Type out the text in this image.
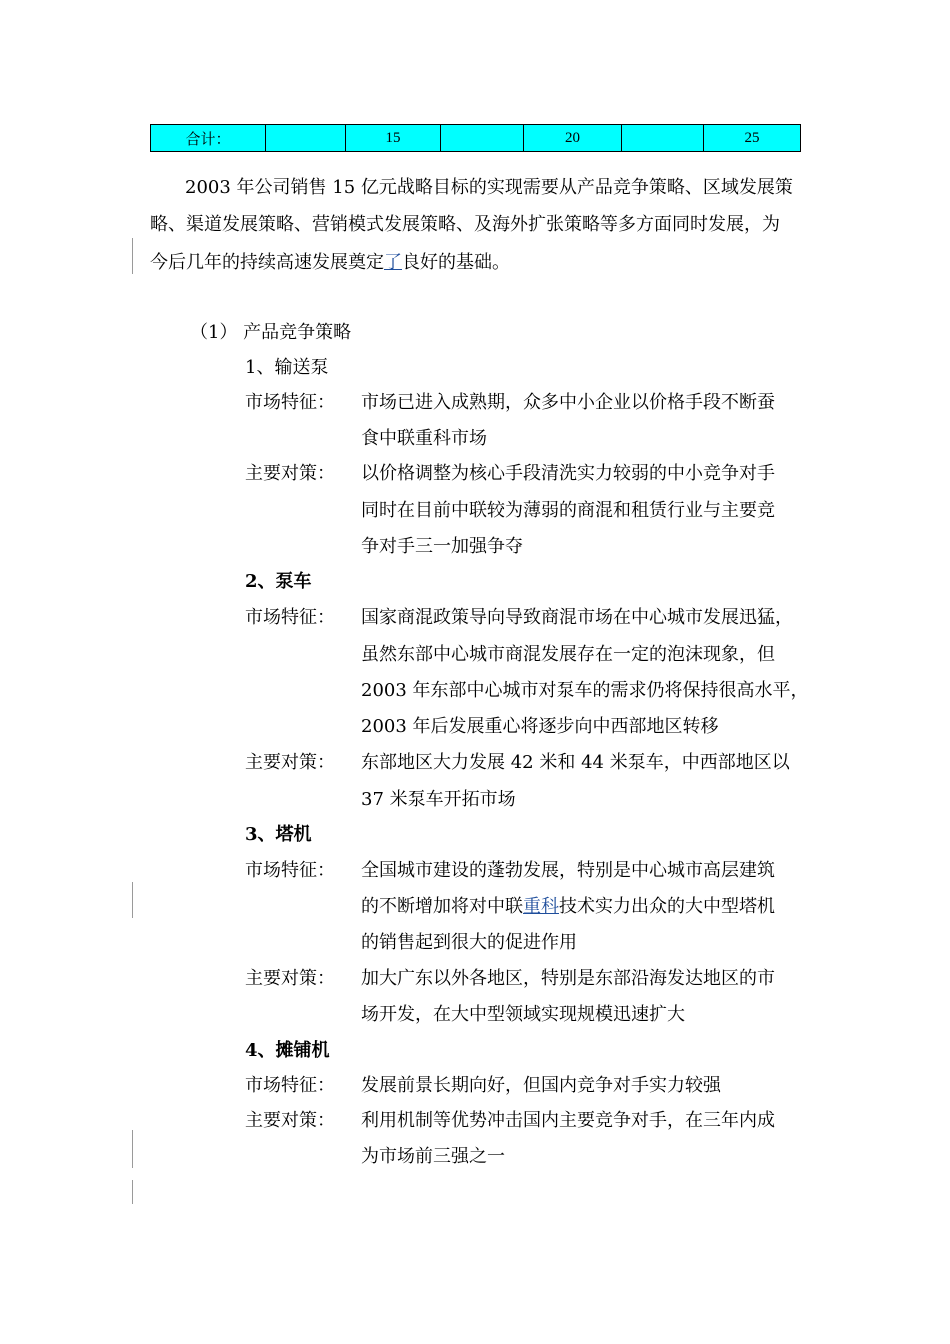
合计：		15		20		25
2003 年公司销售 15 亿元战略目标的实现需要从产品竞争策略、区域发展策
略、渠道发展策略、营销模式发展策略、及海外扩张策略等多方面同时发展，为
今后几年的持续高速发展奠定了良好的基础。
（1） 产品竞争策略
1、输送泵
市场特征： 市场已进入成熟期，众多中小企业以价格手段不断蚕
食中联重科市场
主要对策： 以价格调整为核心手段清洗实力较弱的中小竞争对手
同时在目前中联较为薄弱的商混和租赁行业与主要竞
争对手三一加强争夺
2、泵车
市场特征： 国家商混政策导向导致商混市场在中心城市发展迅猛，
虽然东部中心城市商混发展存在一定的泡沫现象，但
2003 年东部中心城市对泵车的需求仍将保持很高水平，
2003 年后发展重心将逐步向中西部地区转移
主要对策： 东部地区大力发展 42 米和 44 米泵车，中西部地区以
37 米泵车开拓市场
3、塔机
市场特征： 全国城市建设的蓬勃发展，特别是中心城市高层建筑
的不断增加将对中联重科技术实力出众的大中型塔机
的销售起到很大的促进作用
主要对策： 加大广东以外各地区，特别是东部沿海发达地区的市
场开发，在大中型领域实现规模迅速扩大
4、摊铺机
市场特征： 发展前景长期向好，但国内竞争对手实力较强
主要对策： 利用机制等优势冲击国内主要竞争对手，在三年内成
为市场前三强之一
